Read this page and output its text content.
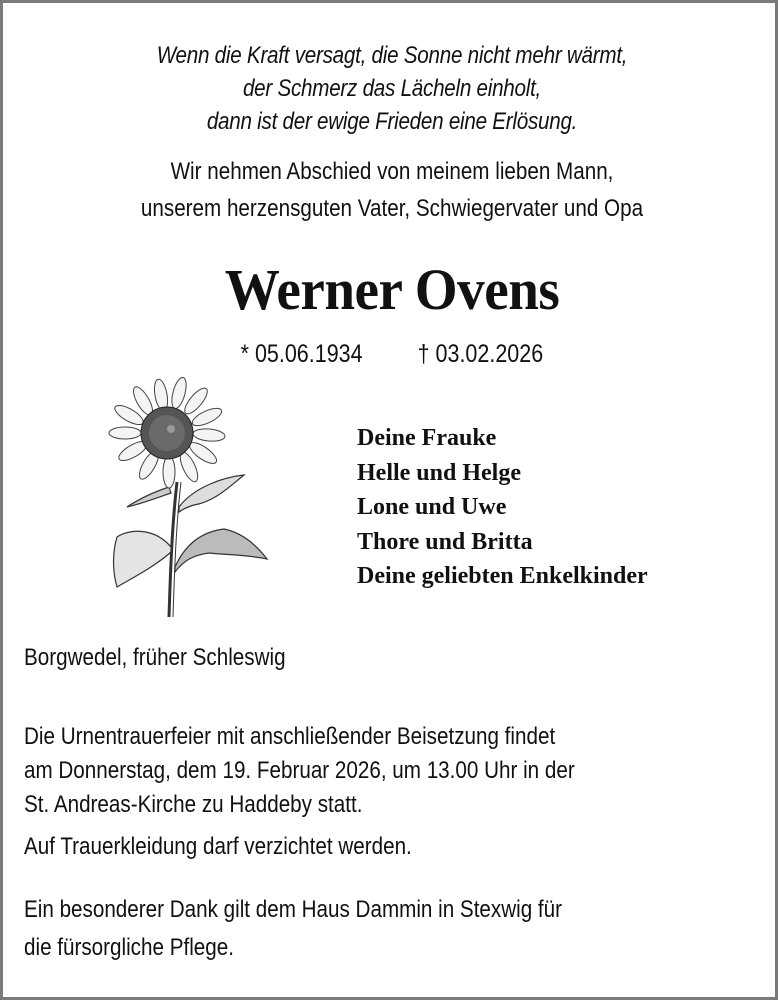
Wenn die Kraft versagt, die Sonne nicht mehr wärmt,
der Schmerz das Lächeln einholt,
dann ist der ewige Frieden eine Erlösung.
Wir nehmen Abschied von meinem lieben Mann,
unserem herzensguten Vater, Schwiegervater und Opa
Werner Ovens
* 05.06.1934 † 03.02.2026
Deine Frauke
Helle und Helge
Lone und Uwe
Thore und Britta
Deine geliebten Enkelkinder
Borgwedel, früher Schleswig
Die Urnentrauerfeier mit anschließender Beisetzung findet
am Donnerstag, dem 19. Februar 2026, um 13.00 Uhr in der
St. Andreas-Kirche zu Haddeby statt.
Auf Trauerkleidung darf verzichtet werden.
Ein besonderer Dank gilt dem Haus Dammin in Stexwig für
die fürsorgliche Pflege.
